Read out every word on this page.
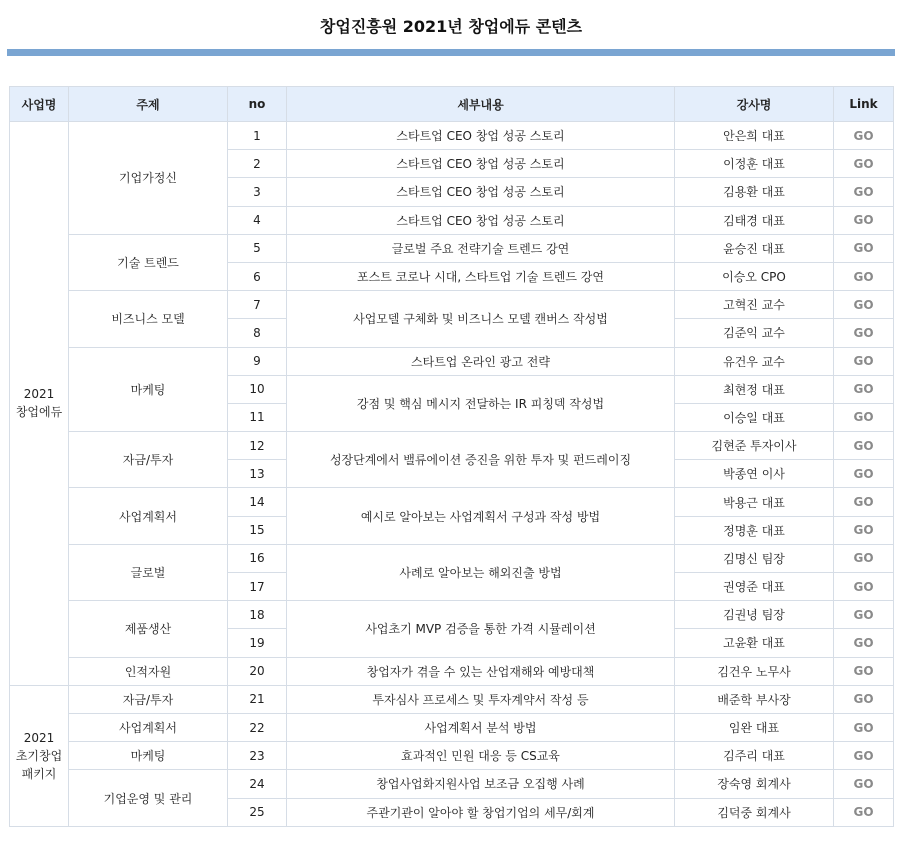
창업진흥원 2021년 창업에듀 콘텐츠
사업명	주제	no	세부내용	강사명	Link
2021
창업에듀	기업가정신	1	스타트업 CEO 창업 성공 스토리	안은희 대표	GO
		2	스타트업 CEO 창업 성공 스토리	이정훈 대표	GO
		3	스타트업 CEO 창업 성공 스토리	김용환 대표	GO
		4	스타트업 CEO 창업 성공 스토리	김태경 대표	GO
	기술 트렌드	5	글로벌 주요 전략기술 트렌드 강연	윤승진 대표	GO
		6	포스트 코로나 시대, 스타트업 기술 트렌드 강연	이승오 CPO	GO
	비즈니스 모델	7	사업모델 구체화 및 비즈니스 모델 캔버스 작성법	고혁진 교수	GO
		8		김준익 교수	GO
	마케팅	9	스타트업 온라인 광고 전략	유건우 교수	GO
		10	강점 및 핵심 메시지 전달하는 IR 피칭덱 작성법	최현정 대표	GO
		11		이승일 대표	GO
	자금/투자	12	성장단계에서 밸류에이션 증진을 위한 투자 및 펀드레이징	김현준 투자이사	GO
		13		박종연 이사	GO
	사업계획서	14	예시로 알아보는 사업계획서 구성과 작성 방법	박용근 대표	GO
		15		정명훈 대표	GO
	글로벌	16	사례로 알아보는 해외진출 방법	김명신 팀장	GO
		17		권영준 대표	GO
	제품생산	18	사업초기 MVP 검증을 통한 가격 시뮬레이션	김권녕 팀장	GO
		19		고윤환 대표	GO
	인적자원	20	창업자가 겪을 수 있는 산업재해와 예방대책	김건우 노무사	GO
2021
초기창업
패키지	자금/투자	21	투자심사 프로세스 및 투자계약서 작성 등	배준학 부사장	GO
	사업계획서	22	사업계획서 분석 방법	임완 대표	GO
	마케팅	23	효과적인 민원 대응 등 CS교육	김주리 대표	GO
	기업운영 및 관리	24	창업사업화지원사업 보조금 오집행 사례	장숙영 회계사	GO
		25	주관기관이 알아야 할 창업기업의 세무/회계	김덕중 회계사	GO
